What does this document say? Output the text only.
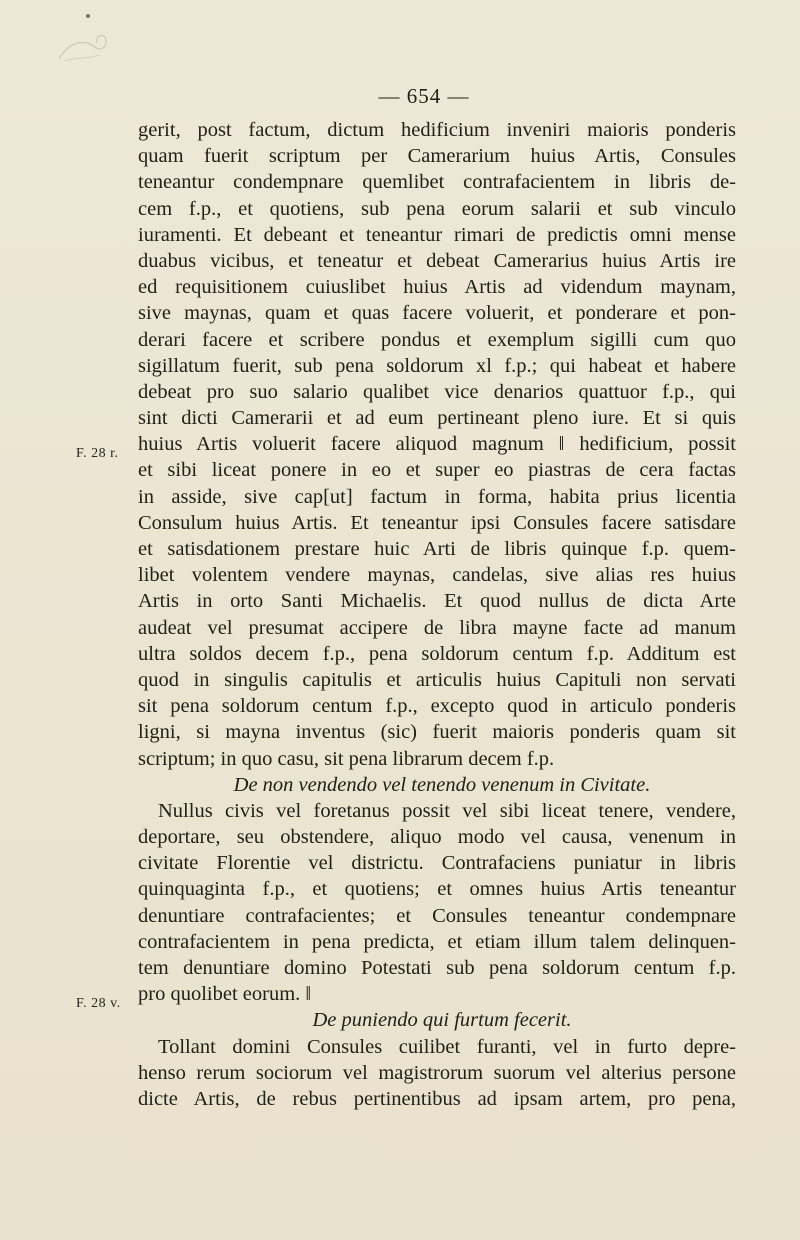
— 654 —
F. 28 r.
F. 28 v.
gerit, post factum, dictum hedificium inveniri maioris ponderis
quam fuerit scriptum per Camerarium huius Artis, Consules
teneantur condempnare quemlibet contrafacientem in libris de-
cem f.p., et quotiens, sub pena eorum salarii et sub vinculo
iuramenti. Et debeant et teneantur rimari de predictis omni mense
duabus vicibus, et teneatur et debeat Camerarius huius Artis ire
ed requisitionem cuiuslibet huius Artis ad videndum maynam,
sive maynas, quam et quas facere voluerit, et ponderare et pon-
derari facere et scribere pondus et exemplum sigilli cum quo
sigillatum fuerit, sub pena soldorum xl f.p.; qui habeat et habere
debeat pro suo salario qualibet vice denarios quattuor f.p., qui
sint dicti Camerarii et ad eum pertineant pleno iure. Et si quis
huius Artis voluerit facere aliquod magnum ‖ hedificium, possit
et sibi liceat ponere in eo et super eo piastras de cera factas
in asside, sive cap[ut] factum in forma, habita prius licentia
Consulum huius Artis. Et teneantur ipsi Consules facere satisdare
et satisdationem prestare huic Arti de libris quinque f.p. quem-
libet volentem vendere maynas, candelas, sive alias res huius
Artis in orto Santi Michaelis. Et quod nullus de dicta Arte
audeat vel presumat accipere de libra mayne facte ad manum
ultra soldos decem f.p., pena soldorum centum f.p. Additum est
quod in singulis capitulis et articulis huius Capituli non servati
sit pena soldorum centum f.p., excepto quod in articulo ponderis
ligni, si mayna inventus (sic) fuerit maioris ponderis quam sit
scriptum; in quo casu, sit pena librarum decem f.p.
De non vendendo vel tenendo venenum in Civitate.
Nullus civis vel foretanus possit vel sibi liceat tenere, vendere,
deportare, seu obstendere, aliquo modo vel causa, venenum in
civitate Florentie vel districtu. Contrafaciens puniatur in libris
quinquaginta f.p., et quotiens; et omnes huius Artis teneantur
denuntiare contrafacientes; et Consules teneantur condempnare
contrafacientem in pena predicta, et etiam illum talem delinquen-
tem denuntiare domino Potestati sub pena soldorum centum f.p.
pro quolibet eorum. ‖
De puniendo qui furtum fecerit.
Tollant domini Consules cuilibet furanti, vel in furto depre-
henso rerum sociorum vel magistrorum suorum vel alterius persone
dicte Artis, de rebus pertinentibus ad ipsam artem, pro pena,
